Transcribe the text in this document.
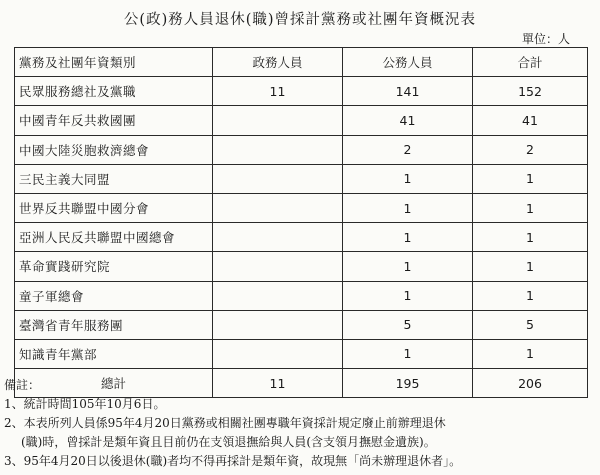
公(政)務人員退休(職)曾採計黨務或社團年資概況表
單位：人
黨務及社團年資類別	政務人員	公務人員	合計
民眾服務總社及黨職	11	141	152
中國青年反共救國團		41	41
中國大陸災胞救濟總會		2	2
三民主義大同盟		1	1
世界反共聯盟中國分會		1	1
亞洲人民反共聯盟中國總會		1	1
革命實踐研究院		1	1
童子軍總會		1	1
臺灣省青年服務團		5	5
知識青年黨部		1	1
總計	11	195	206
備註：
1、統計時間105年10月6日。
2、本表所列人員係95年4月20日黨務或相關社團專職年資採計規定廢止前辦理退休
(職)時，曾採計是類年資且目前仍在支領退撫給與人員(含支領月撫慰金遺族)。
3、95年4月20日以後退休(職)者均不得再採計是類年資，故現無「尚未辦理退休者」。
